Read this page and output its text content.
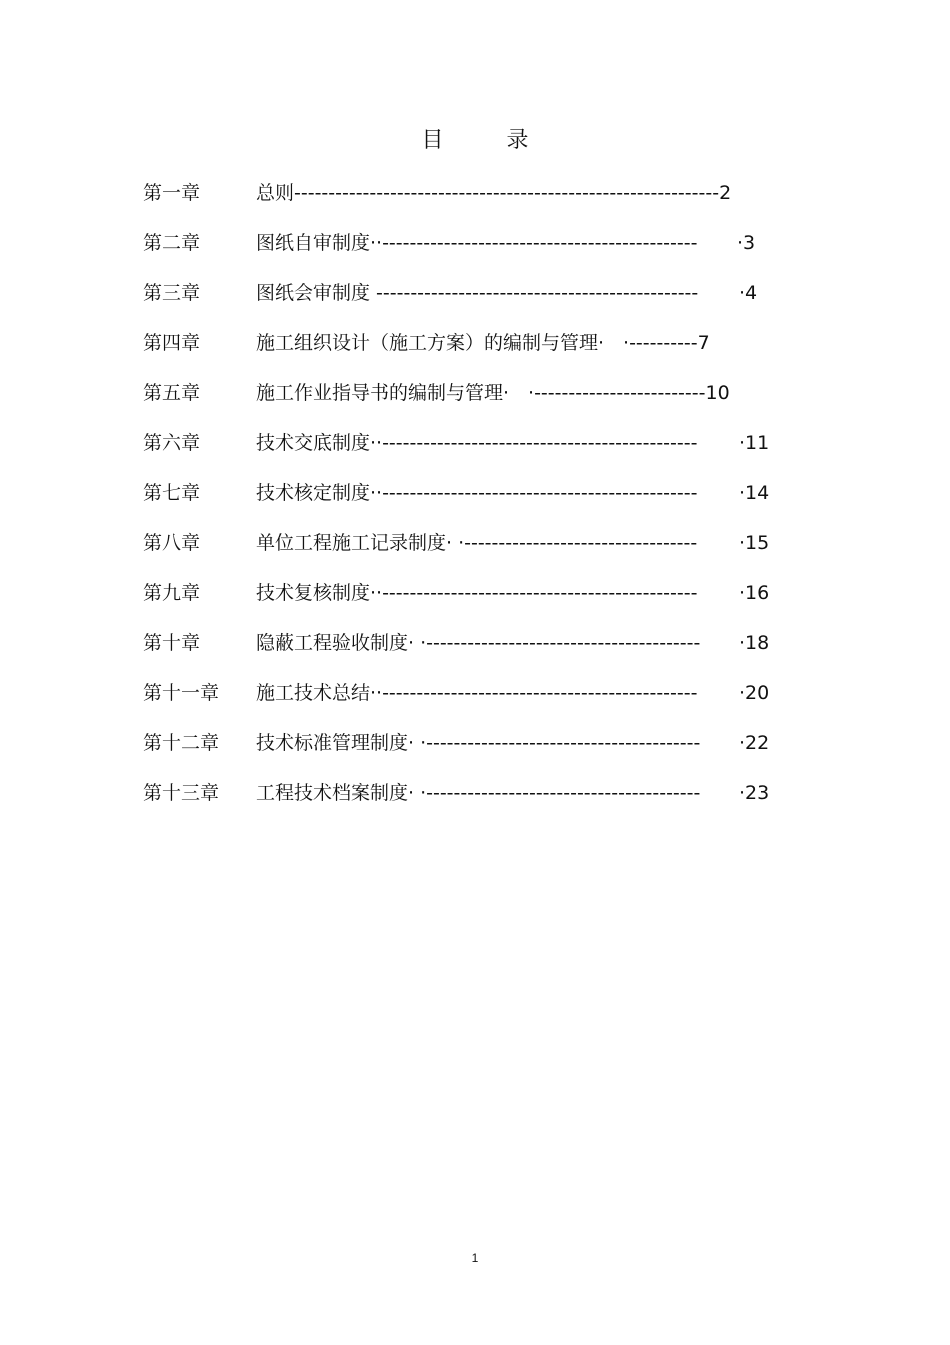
目 录
第一章	总则--------------------------------------------------------------2
第二章	图纸自审制度··---------------------------------------------- ·3
第三章	图纸会审制度 ----------------------------------------------- ·4
第四章	施工组织设计（施工方案）的编制与管理·　·----------7
第五章	施工作业指导书的编制与管理·　·-------------------------10
第六章	技术交底制度··---------------------------------------------- ·11
第七章	技术核定制度··---------------------------------------------- ·14
第八章	单位工程施工记录制度· ·---------------------------------- ·15
第九章	技术复核制度··---------------------------------------------- ·16
第十章	隐蔽工程验收制度· ·---------------------------------------- ·18
第十一章 施工技术总结··---------------------------------------------- ·20
第十二章 技术标准管理制度· ·---------------------------------------- ·22
第十三章 工程技术档案制度· ·---------------------------------------- ·23
1
